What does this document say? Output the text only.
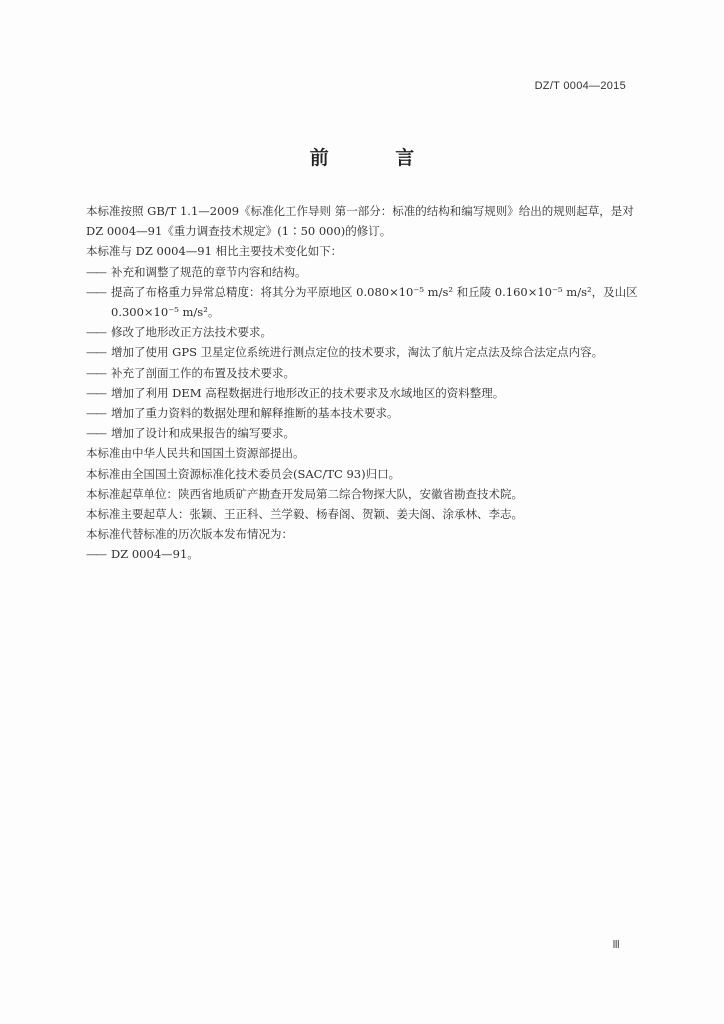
DZ/T 0004—2015
前 言

本标准按照 GB/T 1.1—2009《标准化工作导则 第一部分：标准的结构和编写规则》给出的规则起草，是对 DZ 0004—91《重力调查技术规定》(1∶50 000)的修订。

本标准与 DZ 0004—91 相比主要技术变化如下：

—— 补充和调整了规范的章节内容和结构。
—— 提高了布格重力异常总精度：将其分为平原地区 0.080×10⁻⁵ m/s² 和丘陵 0.160×10⁻⁵ m/s²，及山区 0.300×10⁻⁵ m/s²。
—— 修改了地形改正方法技术要求。
—— 增加了使用 GPS 卫星定位系统进行测点定位的技术要求，淘汰了航片定点法及综合法定点内容。
—— 补充了剖面工作的布置及技术要求。
—— 增加了利用 DEM 高程数据进行地形改正的技术要求及水域地区的资料整理。
—— 增加了重力资料的数据处理和解释推断的基本技术要求。
—— 增加了设计和成果报告的编写要求。

本标准由中华人民共和国国土资源部提出。

本标准由全国国土资源标准化技术委员会(SAC/TC 93)归口。

本标准起草单位：陕西省地质矿产勘查开发局第二综合物探大队，安徽省勘查技术院。

本标准主要起草人：张颖、王正科、兰学毅、杨春阁、贺颖、姜夫阁、涂承林、李志。

本标准代替标准的历次版本发布情况为：

—— DZ 0004—91。
Ⅲ
